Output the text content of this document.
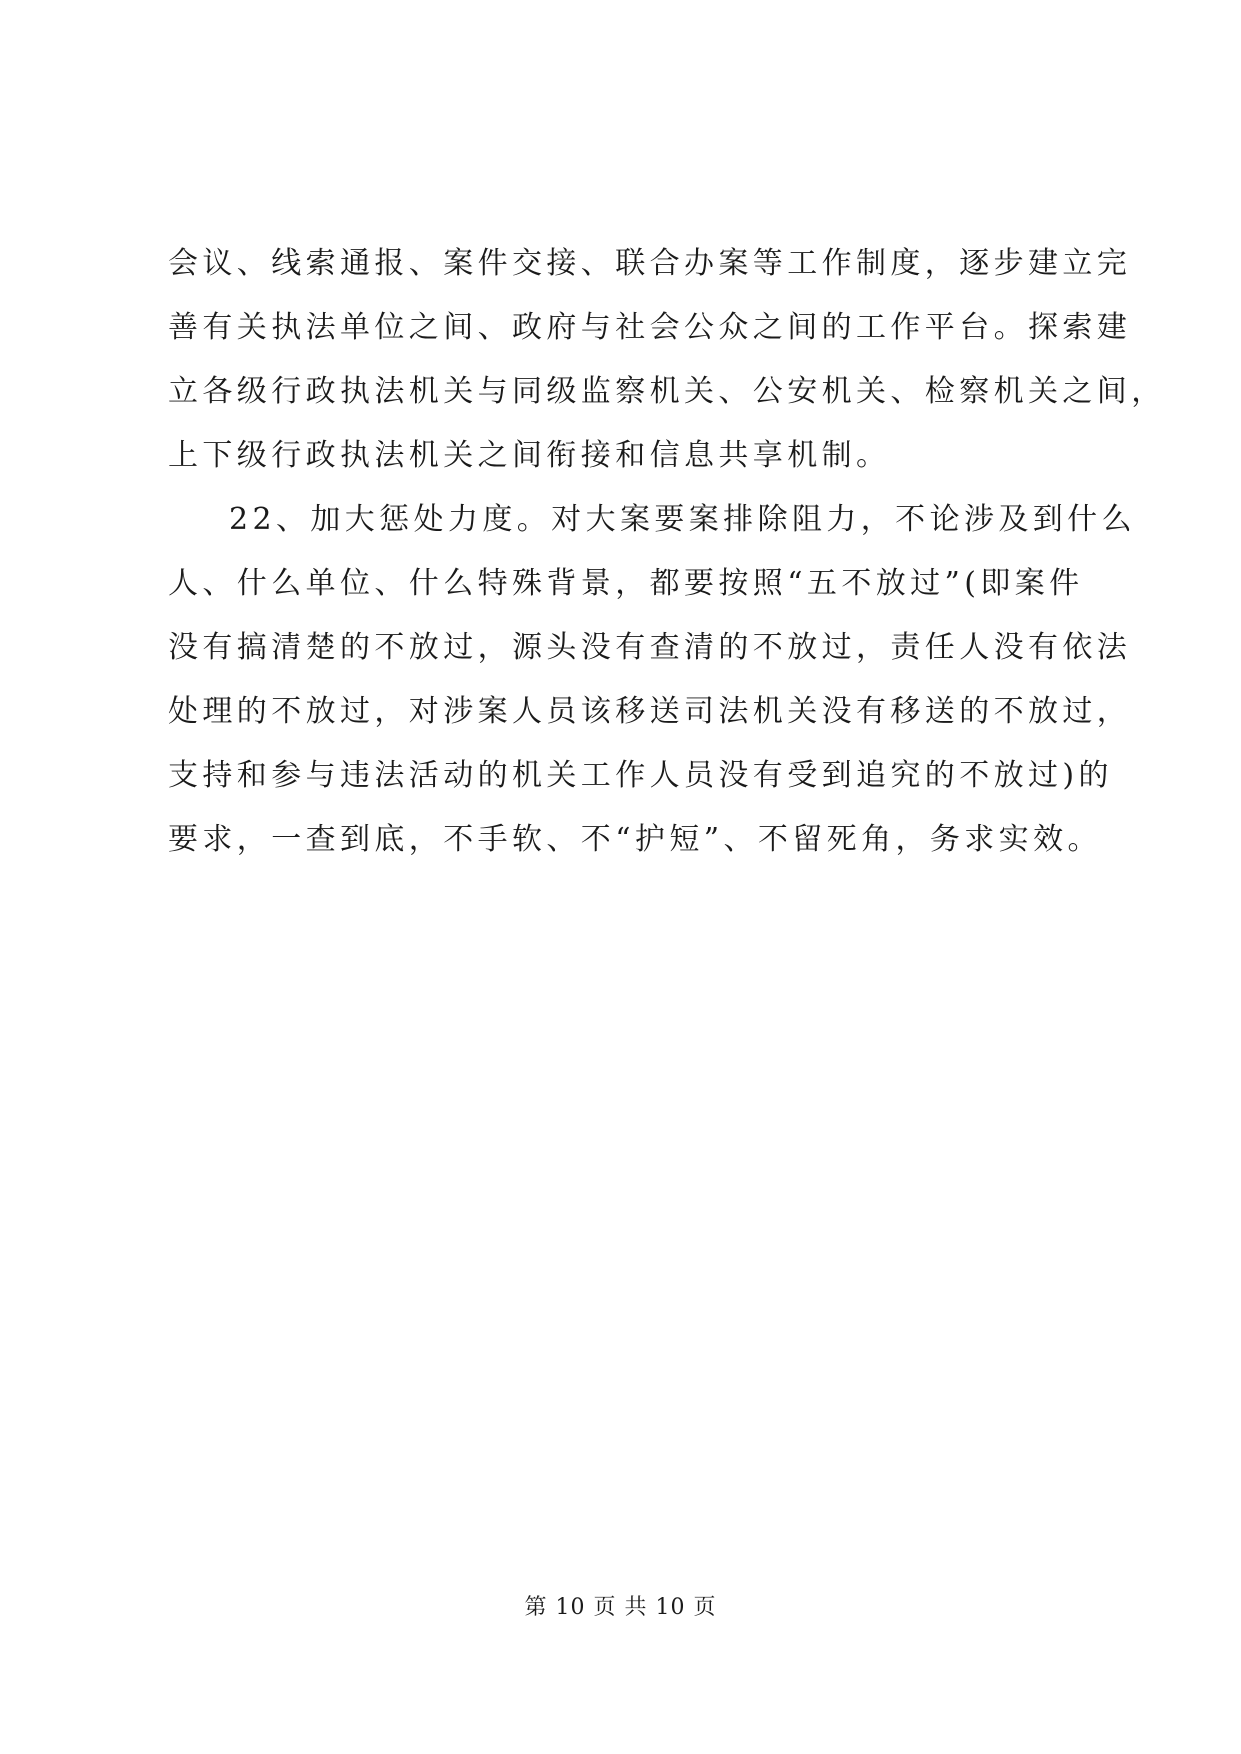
会议、线索通报、案件交接、联合办案等工作制度，逐步建立完
善有关执法单位之间、政府与社会公众之间的工作平台。探索建
立各级行政执法机关与同级监察机关、公安机关、检察机关之间，
上下级行政执法机关之间衔接和信息共享机制。
22、加大惩处力度。对大案要案排除阻力，不论涉及到什么
人、什么单位、什么特殊背景，都要按照“五不放过”(即案件
没有搞清楚的不放过，源头没有查清的不放过，责任人没有依法
处理的不放过，对涉案人员该移送司法机关没有移送的不放过，
支持和参与违法活动的机关工作人员没有受到追究的不放过)的
要求，一查到底，不手软、不“护短”、不留死角，务求实效。
第 10 页 共 10 页
